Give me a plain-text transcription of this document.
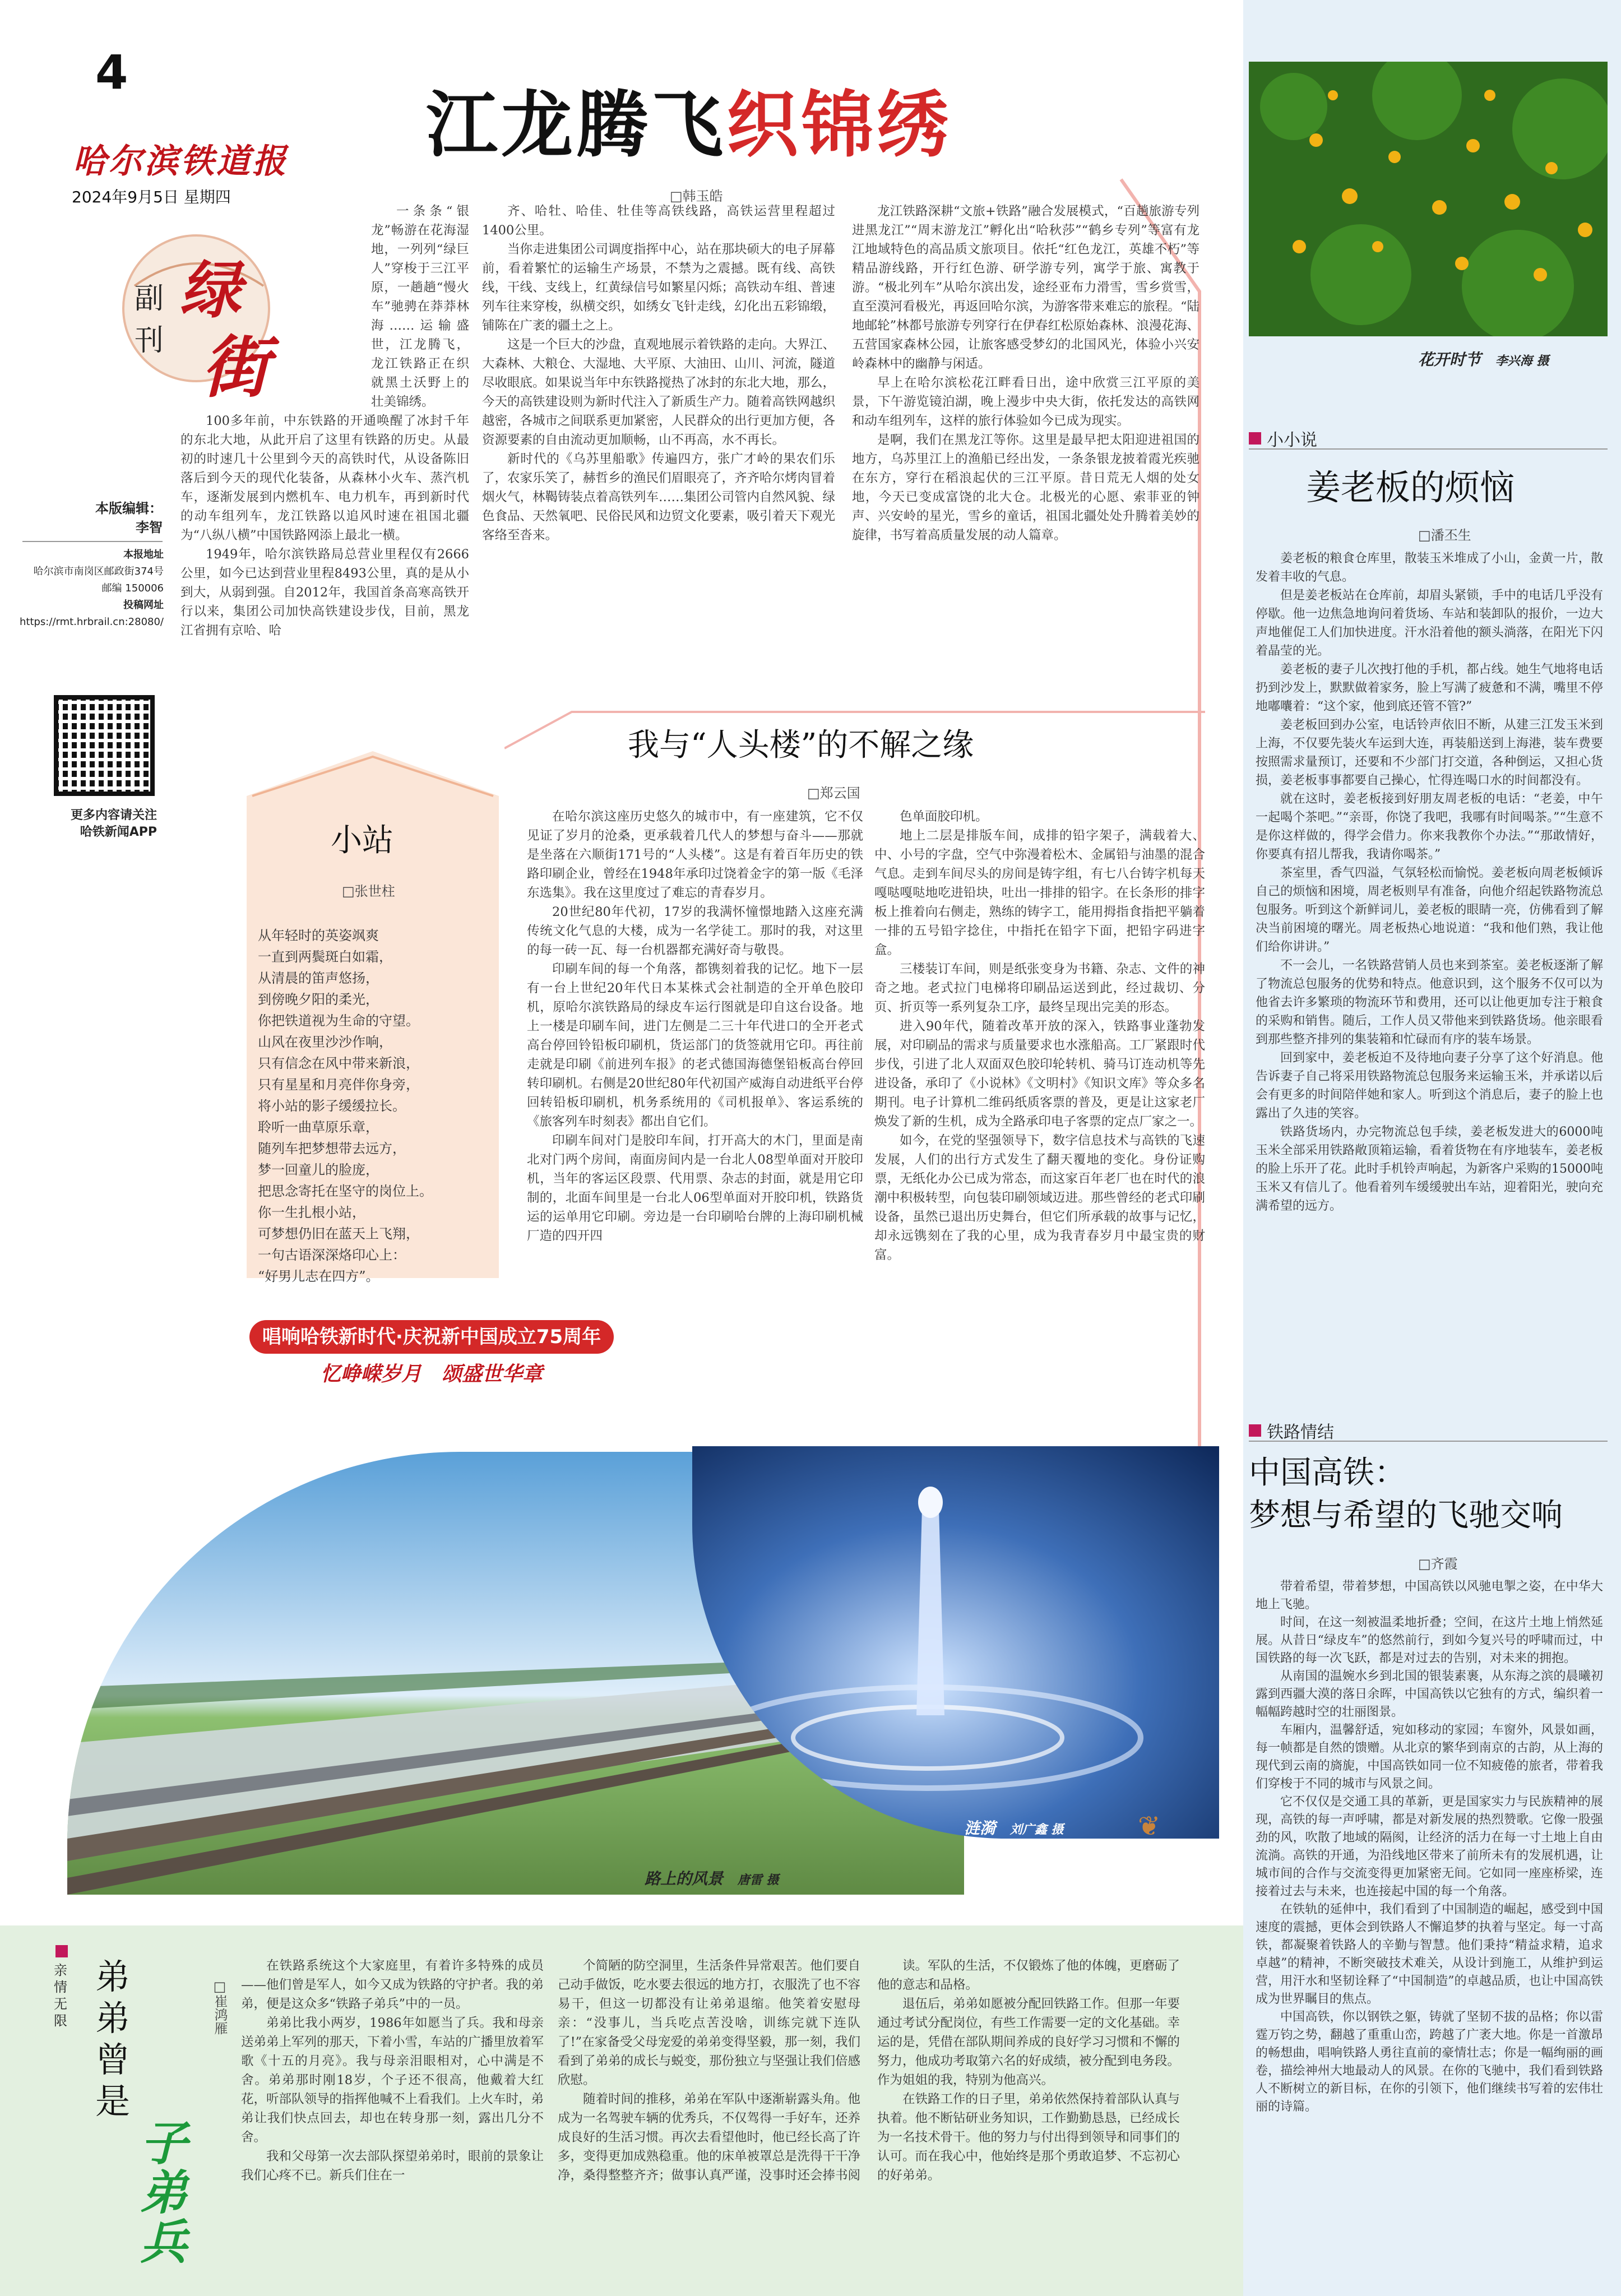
4
哈尔滨铁道报
2024年9月5日 星期四
副
刊
绿
街
本版编辑：
李智
本报地址
哈尔滨市南岗区邮政街374号
邮编 150006
投稿网址
https://rmt.hrbrail.cn:28080/
更多内容请关注
哈铁新闻APP
江龙腾飞织锦绣
□韩玉皓

一条条“银龙”畅游在花海湿地，一列列“绿巨人”穿梭于三江平原，一趟趟“慢火车”驰骋在莽莽林海……运输盛世，江龙腾飞，龙江铁路正在织就黑土沃野上的壮美锦绣。

100多年前，中东铁路的开通唤醒了冰封千年的东北大地，从此开启了这里有铁路的历史。从最初的时速几十公里到今天的高铁时代，从设备陈旧落后到今天的现代化装备，从森林小火车、蒸汽机车，逐渐发展到内燃机车、电力机车，再到新时代的动车组列车，龙江铁路以追风时速在祖国北疆为“八纵八横”中国铁路网添上最北一横。

1949年，哈尔滨铁路局总营业里程仅有2666公里，如今已达到营业里程8493公里，真的是从小到大，从弱到强。自2012年，我国首条高寒高铁开行以来，集团公司加快高铁建设步伐，目前，黑龙江省拥有京哈、哈

齐、哈牡、哈佳、牡佳等高铁线路，高铁运营里程超过1400公里。

当你走进集团公司调度指挥中心，站在那块硕大的电子屏幕前，看着繁忙的运输生产场景，不禁为之震撼。既有线、高铁线，干线、支线上，红黄绿信号如繁星闪烁；高铁动车组、普速列车往来穿梭，纵横交织，如绣女飞针走线，幻化出五彩锦缎，铺陈在广袤的疆土之上。

这是一个巨大的沙盘，直观地展示着铁路的走向。大界江、大森林、大粮仓、大湿地、大平原、大油田、山川、河流，隧道尽收眼底。如果说当年中东铁路搅热了冰封的东北大地，那么，今天的高铁建设则为新时代注入了新质生产力。随着高铁网越织越密，各城市之间联系更加紧密，人民群众的出行更加方便，各资源要素的自由流动更加顺畅，山不再高，水不再长。

新时代的《乌苏里船歌》传遍四方，张广才岭的果农们乐了，农家乐笑了，赫哲乡的渔民们眉眼亮了，齐齐哈尔烤肉冒着烟火气，林鞨铸装点着高铁列车……集团公司管内自然风貌、绿色食品、天然氧吧、民俗民风和边贸文化要素，吸引着天下观光客络至沓来。

龙江铁路深耕“文旅+铁路”融合发展模式，“百趟旅游专列进黑龙江”“周末游龙江”孵化出“哈秋莎”“鹤乡专列”等富有龙江地域特色的高品质文旅项目。依托“红色龙江，英雄不朽”等精品游线路，开行红色游、研学游专列，寓学于旅、寓教于游。“极北列车”从哈尔滨出发，途经亚布力滑雪，雪乡赏雪，直至漠河看极光，再返回哈尔滨，为游客带来难忘的旅程。“陆地邮轮”林都号旅游专列穿行在伊春红松原始森林、浪漫花海、五营国家森林公园，让旅客感受梦幻的北国风光，体验小兴安岭森林中的幽静与闲适。

早上在哈尔滨松花江畔看日出，途中欣赏三江平原的美景，下午游览镜泊湖，晚上漫步中央大街，依托发达的高铁网和动车组列车，这样的旅行体验如今已成为现实。

是啊，我们在黑龙江等你。这里是最早把太阳迎进祖国的地方，乌苏里江上的渔船已经出发，一条条银龙披着霞光疾驰在东方，穿行在稻浪起伏的三江平原。昔日荒无人烟的处女地，今天已变成富饶的北大仓。北极光的心愿、索菲亚的钟声、兴安岭的星光，雪乡的童话，祖国北疆处处升腾着美妙的旋律，书写着高质量发展的动人篇章。

小站
□张世柱
从年轻时的英姿飒爽
一直到两鬓斑白如霜，
从清晨的笛声悠扬，
到傍晚夕阳的柔光，
你把铁道视为生命的守望。
山风在夜里沙沙作响，
只有信念在风中带来新浪，
只有星星和月亮伴你身旁，
将小站的影子缓缓拉长。
聆听一曲草原乐章，
随列车把梦想带去远方，
梦一回童儿的脸庞，
把思念寄托在坚守的岗位上。
你一生扎根小站，
可梦想仍旧在蓝天上飞翔，
一句古语深深烙印心上：
“好男儿志在四方”。
我与“人头楼”的不解之缘
□郑云国

在哈尔滨这座历史悠久的城市中，有一座建筑，它不仅见证了岁月的沧桑，更承载着几代人的梦想与奋斗——那就是坐落在六顺街171号的“人头楼”。这是有着百年历史的铁路印刷企业，曾经在1948年承印过饶着金字的第一版《毛泽东选集》。我在这里度过了难忘的青春岁月。

20世纪80年代初，17岁的我满怀憧憬地踏入这座充满传统文化气息的大楼，成为一名学徒工。那时的我，对这里的每一砖一瓦、每一台机器都充满好奇与敬畏。

印刷车间的每一个角落，都镌刻着我的记忆。地下一层有一台上世纪20年代日本某株式会社制造的全开单色胶印机，原哈尔滨铁路局的绿皮车运行图就是印自这台设备。地上一楼是印刷车间，进门左侧是二三十年代进口的全开老式高台停回铃铅板印刷机，货运部门的货签就用它印。再往前走就是印刷《前进列车报》的老式德国海德堡铅板高台停回转印刷机。右侧是20世纪80年代初国产威海自动进纸平台停回转铅板印刷机，机务系统用的《司机报单》、客运系统的《旅客列车时刻表》都出自它们。

印刷车间对门是胶印车间，打开高大的木门，里面是南北对门两个房间，南面房间内是一台北人08型单面对开胶印机，当年的客运区段票、代用票、杂志的封面，就是用它印制的，北面车间里是一台北人06型单面对开胶印机，铁路货运的运单用它印刷。旁边是一台印刷哈台牌的上海印刷机械厂造的四开四

色单面胶印机。

地上二层是排版车间，成排的铅字架子，满载着大、中、小号的字盘，空气中弥漫着松木、金属铅与油墨的混合气息。走到车间尽头的房间是铸字组，有七八台铸字机每天嘎哒嘎哒地吃进铅块，吐出一排排的铅字。在长条形的排字板上推着向右侧走，熟练的铸字工，能用拇指食指把平躺着一排的五号铅字捻住，中指托在铅字下面，把铅字码进字盒。

三楼装订车间，则是纸张变身为书籍、杂志、文件的神奇之地。老式拉门电梯将印刷品运送到此，经过裁切、分页、折页等一系列复杂工序，最终呈现出完美的形态。

进入90年代，随着改革开放的深入，铁路事业蓬勃发展，对印刷品的需求与质量要求也水涨船高。工厂紧跟时代步伐，引进了北人双面双色胶印轮转机、骑马订连动机等先进设备，承印了《小说林》《文明村》《知识文库》等众多名期刊。电子计算机二维码纸质客票的普及，更是让这家老厂焕发了新的生机，成为全路承印电子客票的定点厂家之一。

如今，在党的坚强领导下，数字信息技术与高铁的飞速发展，人们的出行方式发生了翻天覆地的变化。身份证购票，无纸化办公已成为常态，而这家百年老厂也在时代的浪潮中积极转型，向包装印刷领域迈进。那些曾经的老式印刷设备，虽然已退出历史舞台，但它们所承载的故事与记忆，却永远镌刻在了我的心里，成为我青春岁月中最宝贵的财富。

唱响哈铁新时代·庆祝新中国成立75周年
忆峥嵘岁月　颂盛世华章
路上的风景 唐雷 摄
涟漪 刘广鑫 摄	❦
花开时节 李兴海 摄
小小说
姜老板的烦恼
□潘丕生

姜老板的粮食仓库里，散装玉米堆成了小山，金黄一片，散发着丰收的气息。

但是姜老板站在仓库前，却眉头紧锁，手中的电话几乎没有停歇。他一边焦急地询问着货场、车站和装卸队的报价，一边大声地催促工人们加快进度。汗水沿着他的额头淌落，在阳光下闪着晶莹的光。

姜老板的妻子儿次拽打他的手机，都占线。她生气地将电话扔到沙发上，默默做着家务，脸上写满了疲惫和不满，嘴里不停地嘟囔着：“这个家，他到底还管不管?”

姜老板回到办公室，电话铃声依旧不断，从建三江发玉米到上海，不仅要先装火车运到大连，再装船送到上海港，装车费要按照需求量预订，还要和不少部门打交道，各种倒运，又担心货损，姜老板事事都要自己操心，忙得连喝口水的时间都没有。

就在这时，姜老板接到好朋友周老板的电话：“老姜，中午一起喝个茶吧。”“亲哥，你饶了我吧，我哪有时间喝茶。”“生意不是你这样做的，得学会借力。你来我教你个办法。”“那敢情好，你要真有招儿帮我，我请你喝茶。”

茶室里，香气四溢，气氛轻松而愉悦。姜老板向周老板倾诉自己的烦恼和困境，周老板则早有准备，向他介绍起铁路物流总包服务。听到这个新鲜词儿，姜老板的眼睛一亮，仿佛看到了解决当前困境的曙光。周老板热心地说道：“我和他们熟，我让他们给你讲讲。”

不一会儿，一名铁路营销人员也来到茶室。姜老板逐渐了解了物流总包服务的优势和特点。他意识到，这个服务不仅可以为他省去许多繁琐的物流环节和费用，还可以让他更加专注于粮食的采购和销售。随后，工作人员又带他来到铁路货场。他亲眼看到那些整齐排列的集装箱和忙碌而有序的装车场景。

回到家中，姜老板迫不及待地向妻子分享了这个好消息。他告诉妻子自己将采用铁路物流总包服务来运输玉米，并承诺以后会有更多的时间陪伴她和家人。听到这个消息后，妻子的脸上也露出了久违的笑容。

铁路货场内，办完物流总包手续，姜老板发进大的6000吨玉米全部采用铁路敞顶箱运输，看着货物在有序地装车，姜老板的脸上乐开了花。此时手机铃声响起，为新客户采购的15000吨玉米又有信儿了。他看着列车缓缓驶出车站，迎着阳光，驶向充满希望的远方。

铁路情结
中国高铁：
梦想与希望的飞驰交响
□齐霞

带着希望，带着梦想，中国高铁以风驰电掣之姿，在中华大地上飞驰。

时间，在这一刻被温柔地折叠；空间，在这片土地上悄然延展。从昔日“绿皮车”的悠然前行，到如今复兴号的呼啸而过，中国铁路的每一次飞跃，都是对过去的告别，对未来的拥抱。

从南国的温婉水乡到北国的银装素裹，从东海之滨的晨曦初露到西疆大漠的落日余晖，中国高铁以它独有的方式，编织着一幅幅跨越时空的壮丽图景。

车厢内，温馨舒适，宛如移动的家园；车窗外，风景如画，每一帧都是自然的馈赠。从北京的繁华到南京的古韵，从上海的现代到云南的旖旎，中国高铁如同一位不知疲倦的旅者，带着我们穿梭于不同的城市与风景之间。

它不仅仅是交通工具的革新，更是国家实力与民族精神的展现，高铁的每一声呼啸，都是对新发展的热烈赞歌。它像一股强劲的风，吹散了地域的隔阂，让经济的活力在每一寸土地上自由流淌。高铁的开通，为沿线地区带来了前所未有的发展机遇，让城市间的合作与交流变得更加紧密无间。它如同一座座桥梁，连接着过去与未来，也连接起中国的每一个角落。

在铁轨的延伸中，我们看到了中国制造的崛起，感受到中国速度的震撼，更体会到铁路人不懈追梦的执着与坚定。每一寸高铁，都凝聚着铁路人的辛勤与智慧。他们秉持“精益求精，追求卓越”的精神，不断突破技术难关，从设计到施工，从维护到运营，用汗水和坚韧诠释了“中国制造”的卓越品质，也让中国高铁成为世界瞩目的焦点。

中国高铁，你以钢铁之躯，铸就了坚韧不拔的品格；你以雷霆万钧之势，翻越了重重山峦，跨越了广袤大地。你是一首激昂的畅想曲，唱响铁路人勇往直前的豪情壮志；你是一幅绚丽的画卷，描绘神州大地最动人的风景。在你的飞驰中，我们看到铁路人不断树立的新目标，在你的引领下，他们继续书写着的宏伟壮丽的诗篇。

亲
情
无
限
弟
弟
曾
是
子
弟
兵
□崔鸿雁

在铁路系统这个大家庭里，有着许多特殊的成员——他们曾是军人，如今又成为铁路的守护者。我的弟弟，便是这众多“铁路子弟兵”中的一员。

弟弟比我小两岁，1986年如愿当了兵。我和母亲送弟弟上军列的那天，下着小雪，车站的广播里放着军歌《十五的月亮》。我与母亲泪眼相对，心中满是不舍。弟弟那时刚18岁，个子还不很高，他戴着大红花，听部队领导的指挥他喊不上看我们。上火车时，弟弟让我们快点回去，却也在转身那一刻，露出几分不舍。

我和父母第一次去部队探望弟弟时，眼前的景象让我们心疼不已。新兵们住在一

个简陋的防空洞里，生活条件异常艰苦。他们要自己动手做饭，吃水要去很远的地方打，衣服洗了也不容易干，但这一切都没有让弟弟退缩。他笑着安慰母亲：“没事儿，当兵吃点苦没啥，训练完就下连队了!”在家备受父母宠爱的弟弟变得坚毅，那一刻，我们看到了弟弟的成长与蜕变，那份独立与坚强让我们倍感欣慰。

随着时间的推移，弟弟在军队中逐渐崭露头角。他成为一名驾驶车辆的优秀兵，不仅驾得一手好车，还养成良好的生活习惯。再次去看望他时，他已经长高了许多，变得更加成熟稳重。他的床单被罩总是洗得干干净净，桑得整整齐齐；做事认真严谨，没事时还会捧书阅

读。军队的生活，不仅锻炼了他的体魄，更磨砺了他的意志和品格。

退伍后，弟弟如愿被分配回铁路工作。但那一年要通过考试分配岗位，有些工作需要一定的文化基础。幸运的是，凭借在部队期间养成的良好学习习惯和不懈的努力，他成功考取第六名的好成绩，被分配到电务段。作为姐姐的我，特别为他高兴。

在铁路工作的日子里，弟弟依然保持着部队认真与执着。他不断钻研业务知识，工作勤勤恳恳，已经成长为一名技术骨干。他的努力与付出得到领导和同事们的认可。而在我心中，他始终是那个勇敢追梦、不忘初心的好弟弟。
